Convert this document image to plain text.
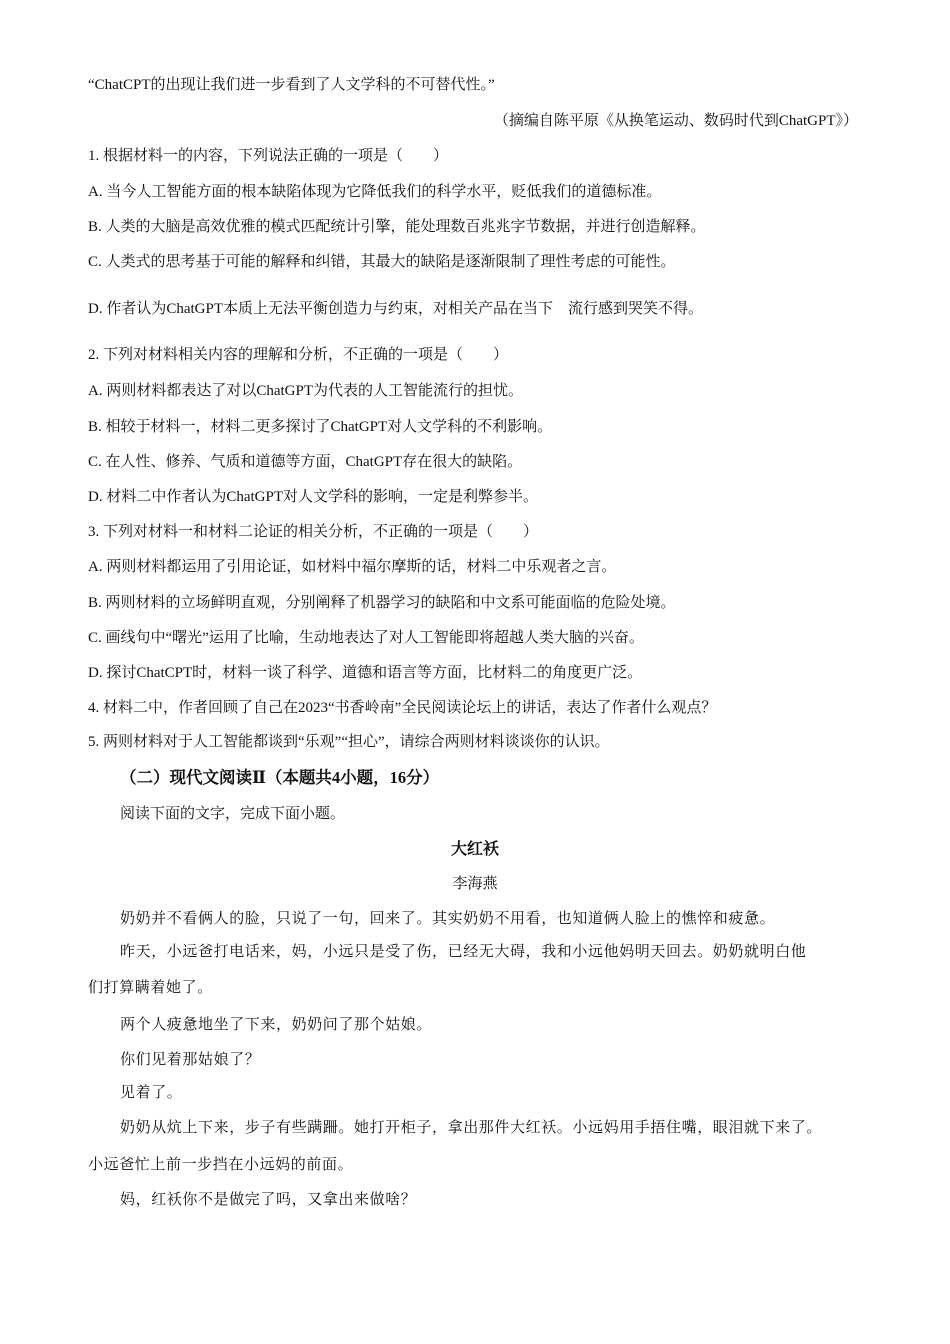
“ChatCPT的出现让我们进一步看到了人文学科的不可替代性。”
（摘编自陈平原《从换笔运动、数码时代到ChatGPT》）
1. 根据材料一的内容，下列说法正确的一项是（　　）
A. 当今人工智能方面的根本缺陷体现为它降低我们的科学水平，贬低我们的道德标准。
B. 人类的大脑是高效优雅的模式匹配统计引擎，能处理数百兆兆字节数据，并进行创造解释。
C. 人类式的思考基于可能的解释和纠错，其最大的缺陷是逐渐限制了理性考虑的可能性。
D. 作者认为ChatGPT本质上无法平衡创造力与约束，对相关产品在当下　流行感到哭笑不得。
2. 下列对材料相关内容的理解和分析，不正确的一项是（　　）
A. 两则材料都表达了对以ChatGPT为代表的人工智能流行的担忧。
B. 相较于材料一，材料二更多探讨了ChatGPT对人文学科的不利影响。
C. 在人性、修养、气质和道德等方面，ChatGPT存在很大的缺陷。
D. 材料二中作者认为ChatGPT对人文学科的影响，一定是利弊参半。
3. 下列对材料一和材料二论证的相关分析，不正确的一项是（　　）
A. 两则材料都运用了引用论证，如材料中福尔摩斯的话，材料二中乐观者之言。
B. 两则材料的立场鲜明直观，分别阐释了机器学习的缺陷和中文系可能面临的危险处境。
C. 画线句中“曙光”运用了比喻，生动地表达了对人工智能即将超越人类大脑的兴奋。
D. 探讨ChatCPT时，材料一谈了科学、道德和语言等方面，比材料二的角度更广泛。
4. 材料二中，作者回顾了自己在2023“书香岭南”全民阅读论坛上的讲话，表达了作者什么观点？
5. 两则材料对于人工智能都谈到“乐观”“担心”，请综合两则材料谈谈你的认识。
（二）现代文阅读Ⅱ（本题共4小题，16分）
阅读下面的文字，完成下面小题。
大红袄
李海燕
奶奶并不看俩人的脸，只说了一句，回来了。其实奶奶不用看，也知道俩人脸上的憔悴和疲惫。
昨天，小远爸打电话来，妈，小远只是受了伤，已经无大碍，我和小远他妈明天回去。奶奶就明白他
们打算瞒着她了。
两个人疲惫地坐了下来，奶奶问了那个姑娘。
你们见着那姑娘了？
见着了。
奶奶从炕上下来，步子有些蹒跚。她打开柜子，拿出那件大红袄。小远妈用手捂住嘴，眼泪就下来了。
小远爸忙上前一步挡在小远妈的前面。
妈，红袄你不是做完了吗，又拿出来做啥？
